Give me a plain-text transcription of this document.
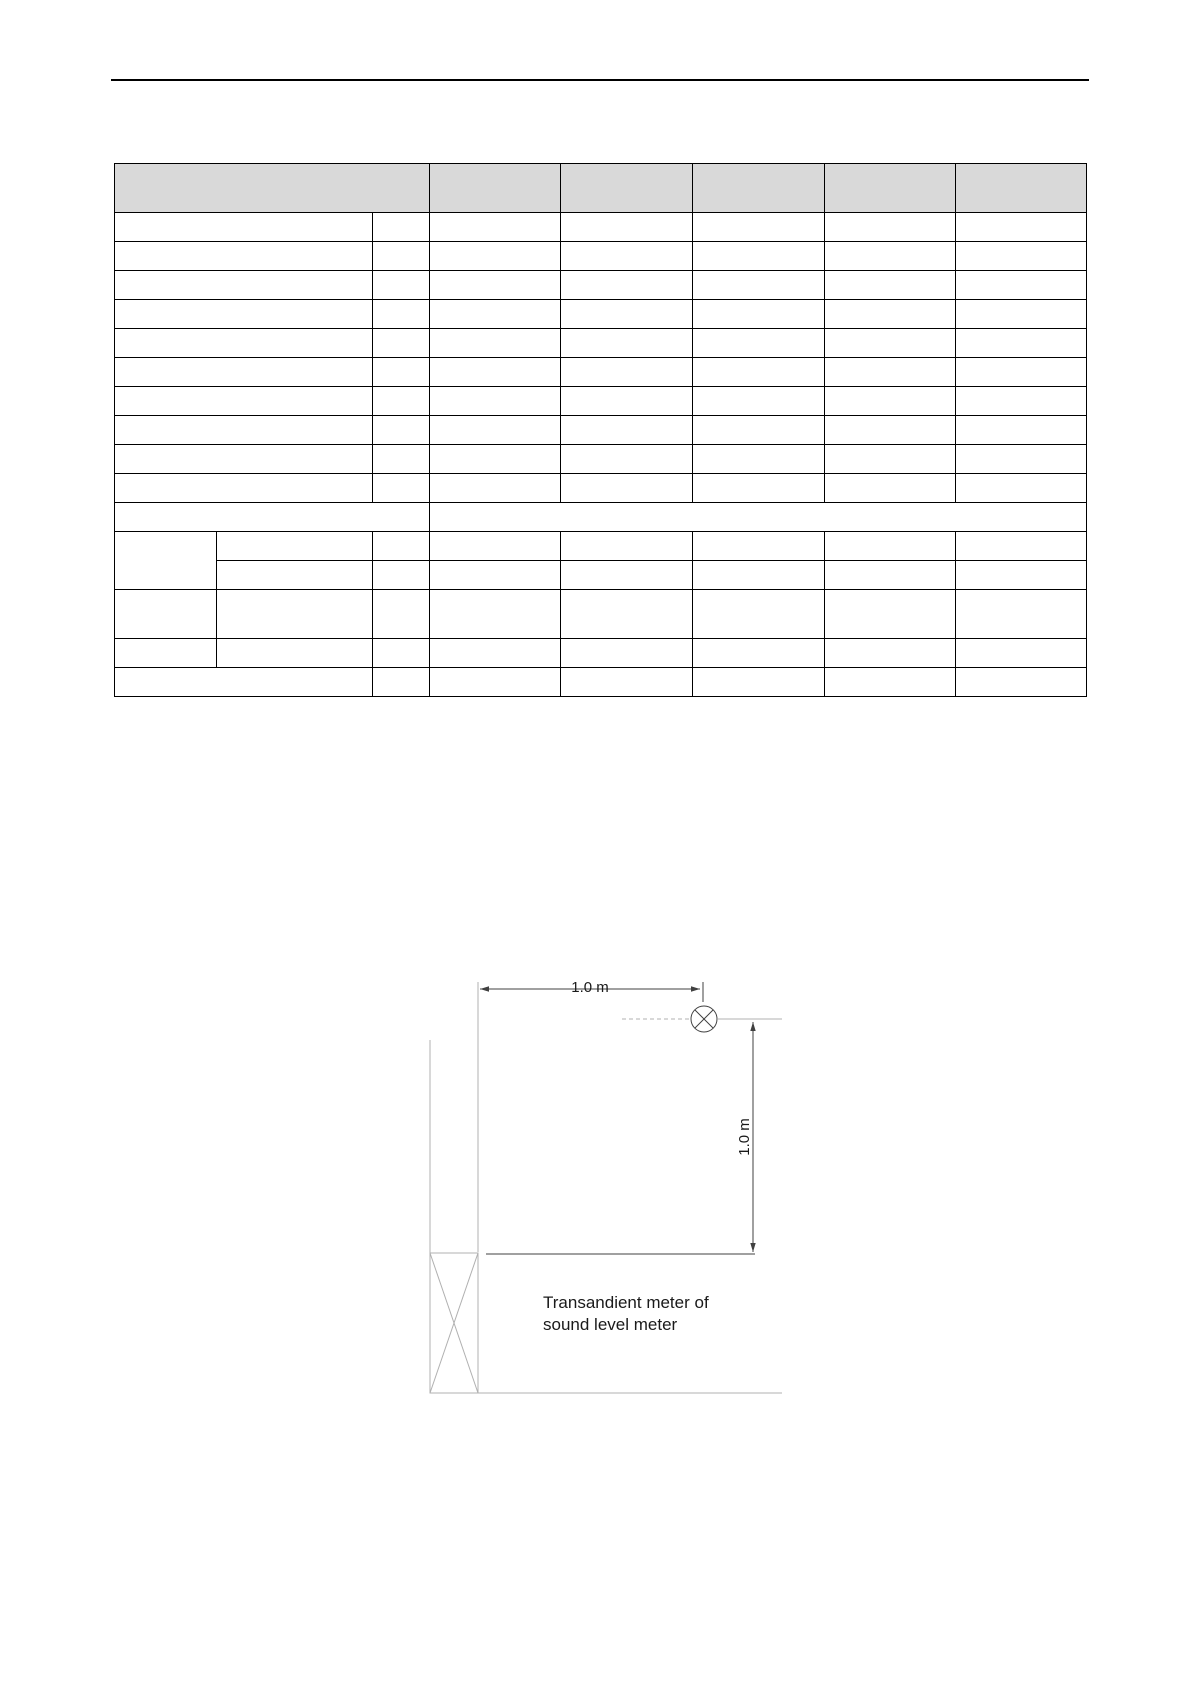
1.0 m
1.0 m
Transandient meter of
sound level meter
